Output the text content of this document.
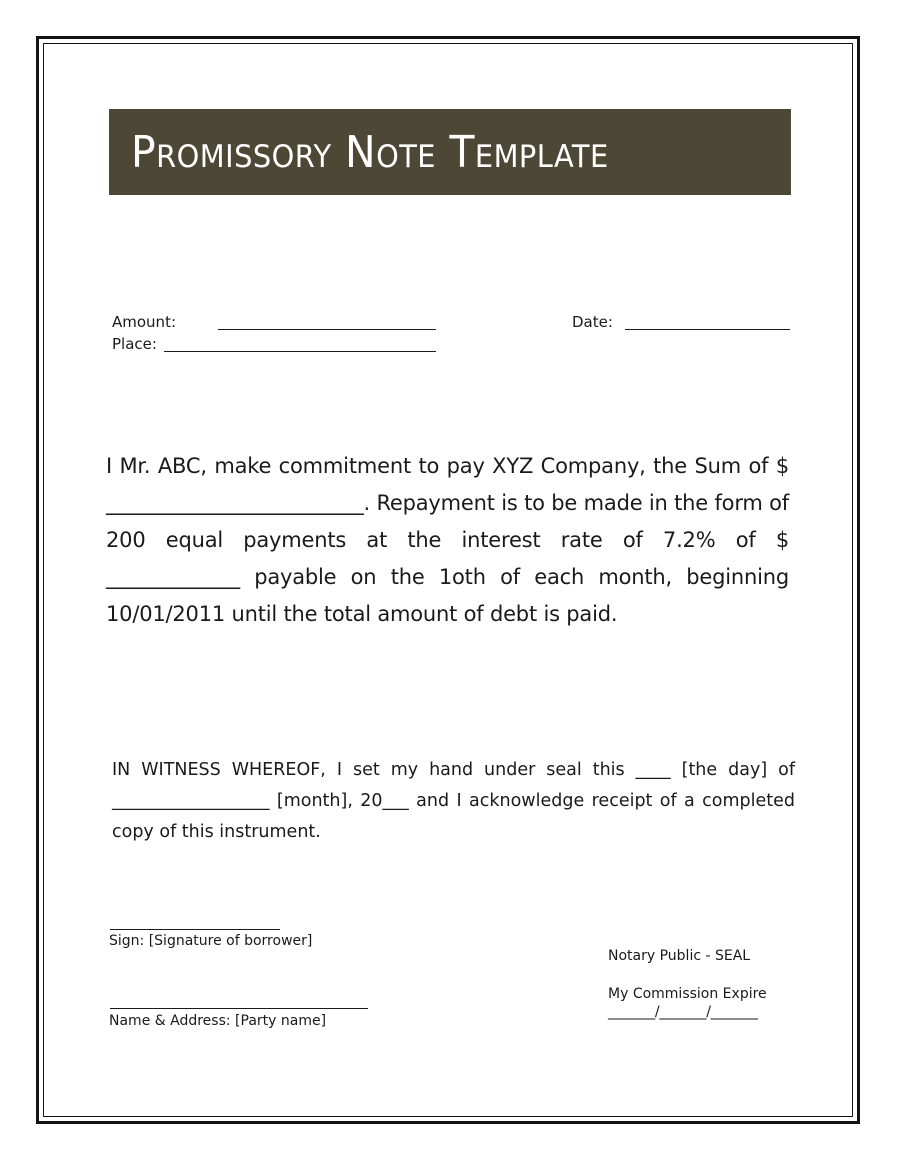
Promissory Note Template
Amount:
Place:
Date:
I Mr. ABC, make commitment to pay XYZ Company, the Sum of $ _________________________. Repayment is to be made in the form of 200 equal payments at the interest rate of 7.2% of $ _____________ payable on the 1oth of each month, beginning 10/01/2011 until the total amount of debt is paid.
IN WITNESS WHEREOF, I set my hand under seal this ____ [the day] of __________________ [month], 20___ and I acknowledge receipt of a completed copy of this instrument.
Sign: [Signature of borrower]
Name & Address: [Party name]
Notary Public - SEAL
My Commission Expire
_______/_______/_______
